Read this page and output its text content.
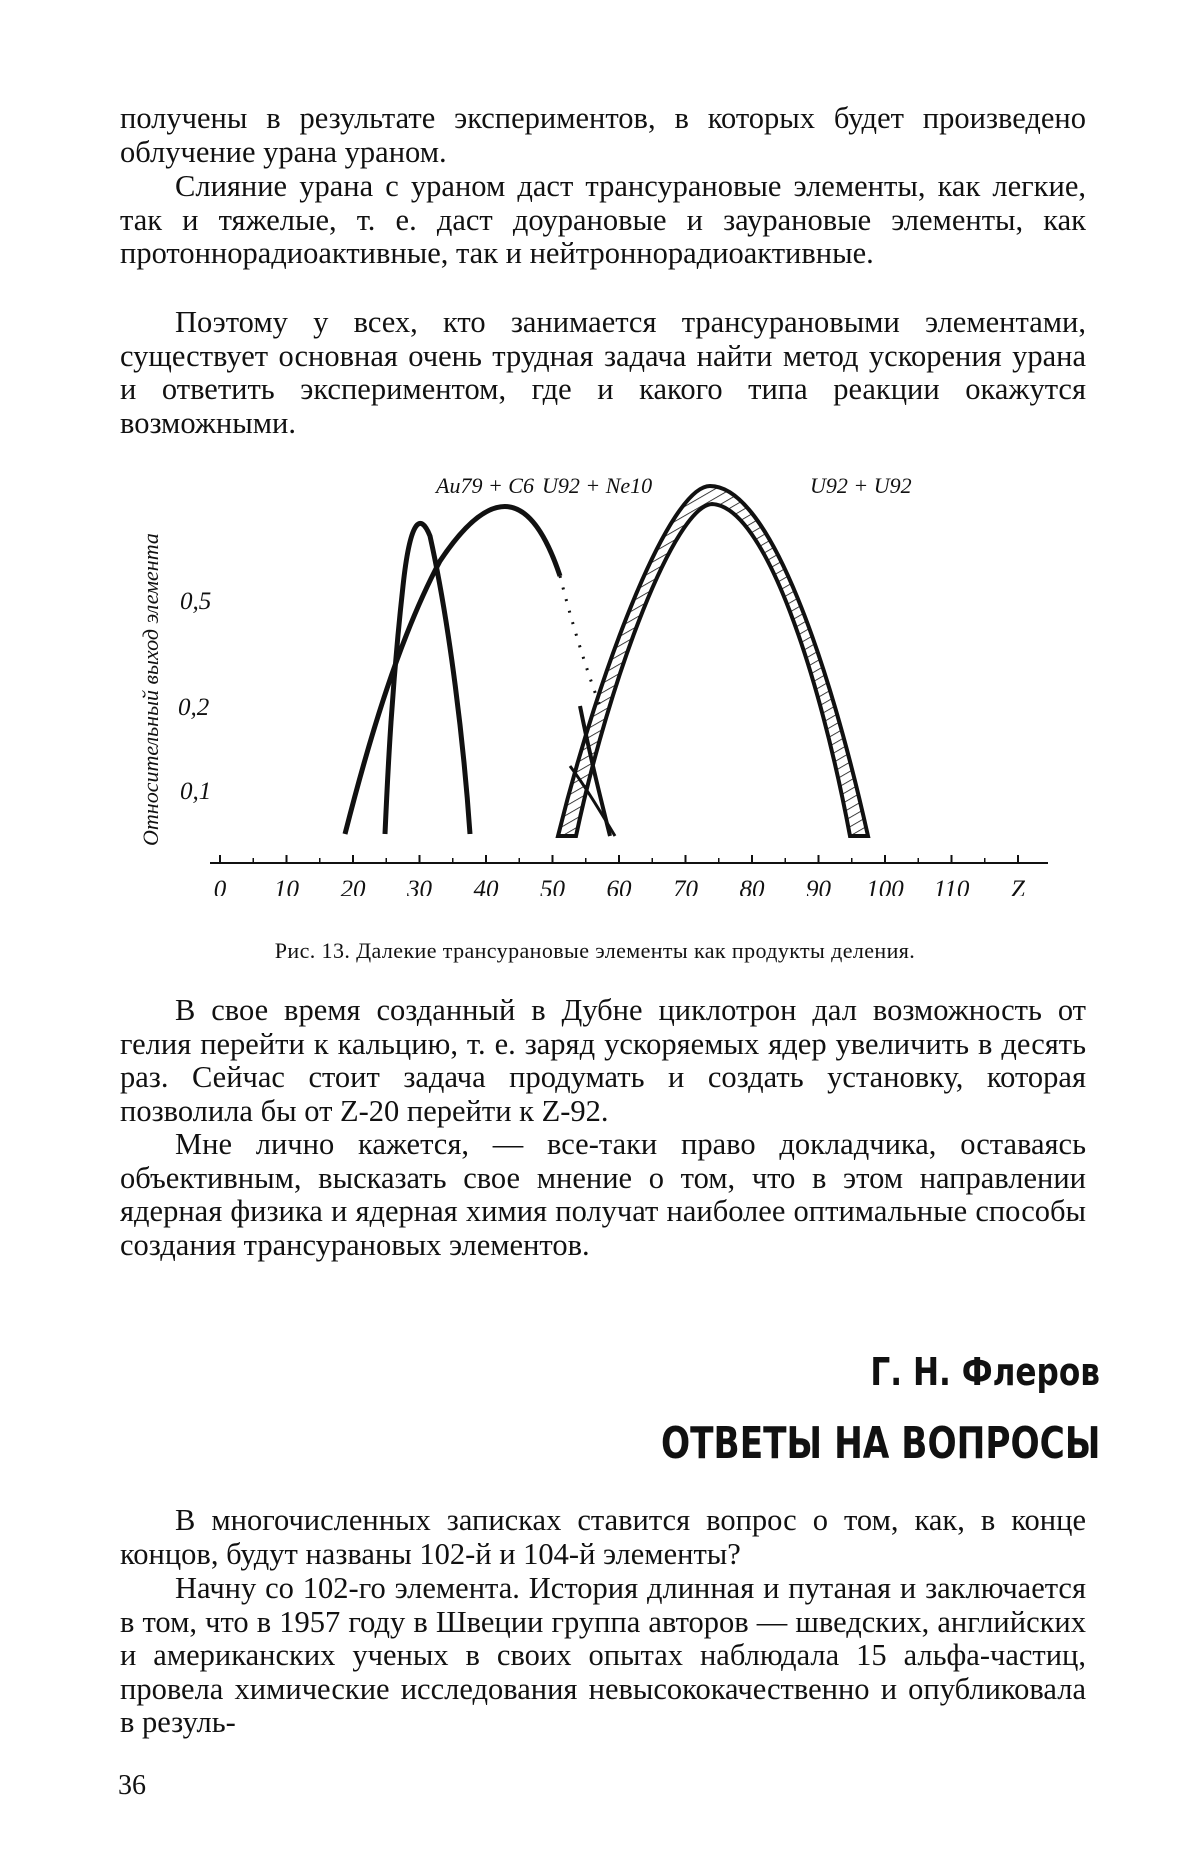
получены в результате экспериментов, в которых будет произведено облучение урана ураном.

Слияние урана с ураном даст трансурановые элементы, как легкие, так и тяжелые, т. е. даст доурановые и заурановые элементы, как протоннорадиоактивные, так и нейтроннорадиоактивные.

Поэтому у всех, кто занимается трансурановыми элементами, существует основная очень трудная задача найти метод ускорения урана и ответить экспериментом, где и какого типа реакции окажутся возможными.

Относительный выход элемента 0,5
0,2
0,1
0 10 20 30 40 50 60 70 80 90 100 110 Z
Au79 + C6 U92 + Ne10	U92 + U92
Рис. 13. Далекие трансурановые элементы как продукты деления.

В свое время созданный в Дубне циклотрон дал возможность от гелия перейти к кальцию, т. е. заряд ускоряемых ядер увеличить в десять раз. Сейчас стоит задача продумать и создать установку, которая позволила бы от Z-20 перейти к Z-92.

Мне лично кажется, — все-таки право докладчика, оставаясь объективным, высказать свое мнение о том, что в этом направлении ядерная физика и ядерная химия получат наиболее оптимальные способы создания трансурановых элементов.

Г. Н. Флеров
ОТВЕТЫ НА ВОПРОСЫ

В многочисленных записках ставится вопрос о том, как, в конце концов, будут названы 102-й и 104-й элементы?

Начну со 102-го элемента. История длинная и путаная и заключается в том, что в 1957 году в Швеции группа авторов — шведских, английских и американских ученых в своих опытах наблюдала 15 альфа-частиц, провела химические исследования невысококачественно и опубликовала в резуль-

36
